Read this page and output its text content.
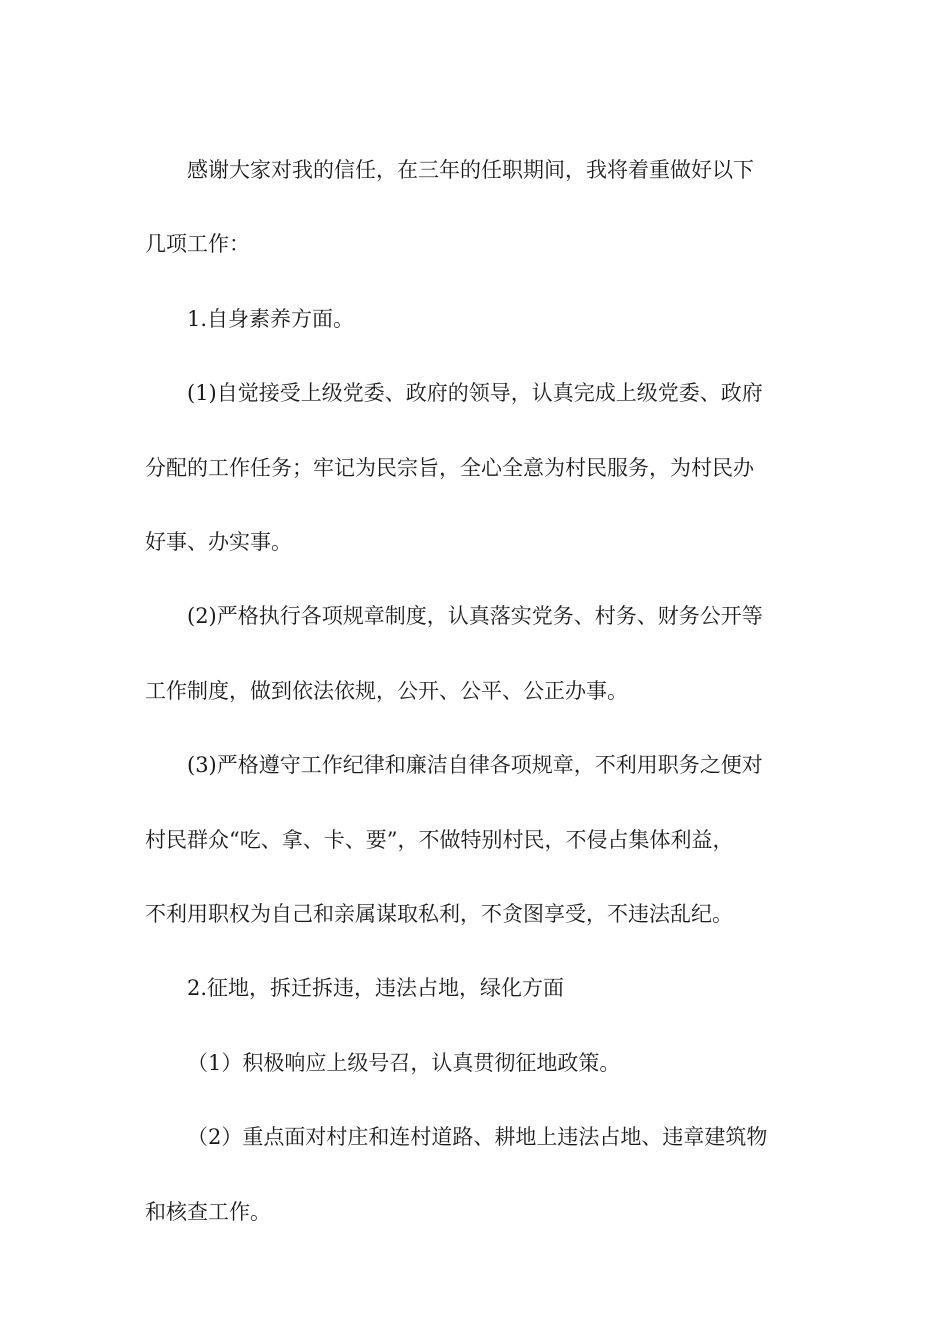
感谢大家对我的信任，在三年的任职期间，我将着重做好以下
几项工作：

1.自身素养方面。

(1)自觉接受上级党委、政府的领导，认真完成上级党委、政府
分配的工作任务；牢记为民宗旨，全心全意为村民服务，为村民办
好事、办实事。

(2)严格执行各项规章制度，认真落实党务、村务、财务公开等
工作制度，做到依法依规，公开、公平、公正办事。

(3)严格遵守工作纪律和廉洁自律各项规章，不利用职务之便对
村民群众“吃、拿、卡、要”，不做特别村民，不侵占集体利益，
不利用职权为自己和亲属谋取私利，不贪图享受，不违法乱纪。

2.征地，拆迁拆违，违法占地，绿化方面

（1）积极响应上级号召，认真贯彻征地政策。

（2）重点面对村庄和连村道路、耕地上违法占地、违章建筑物
和核查工作。
